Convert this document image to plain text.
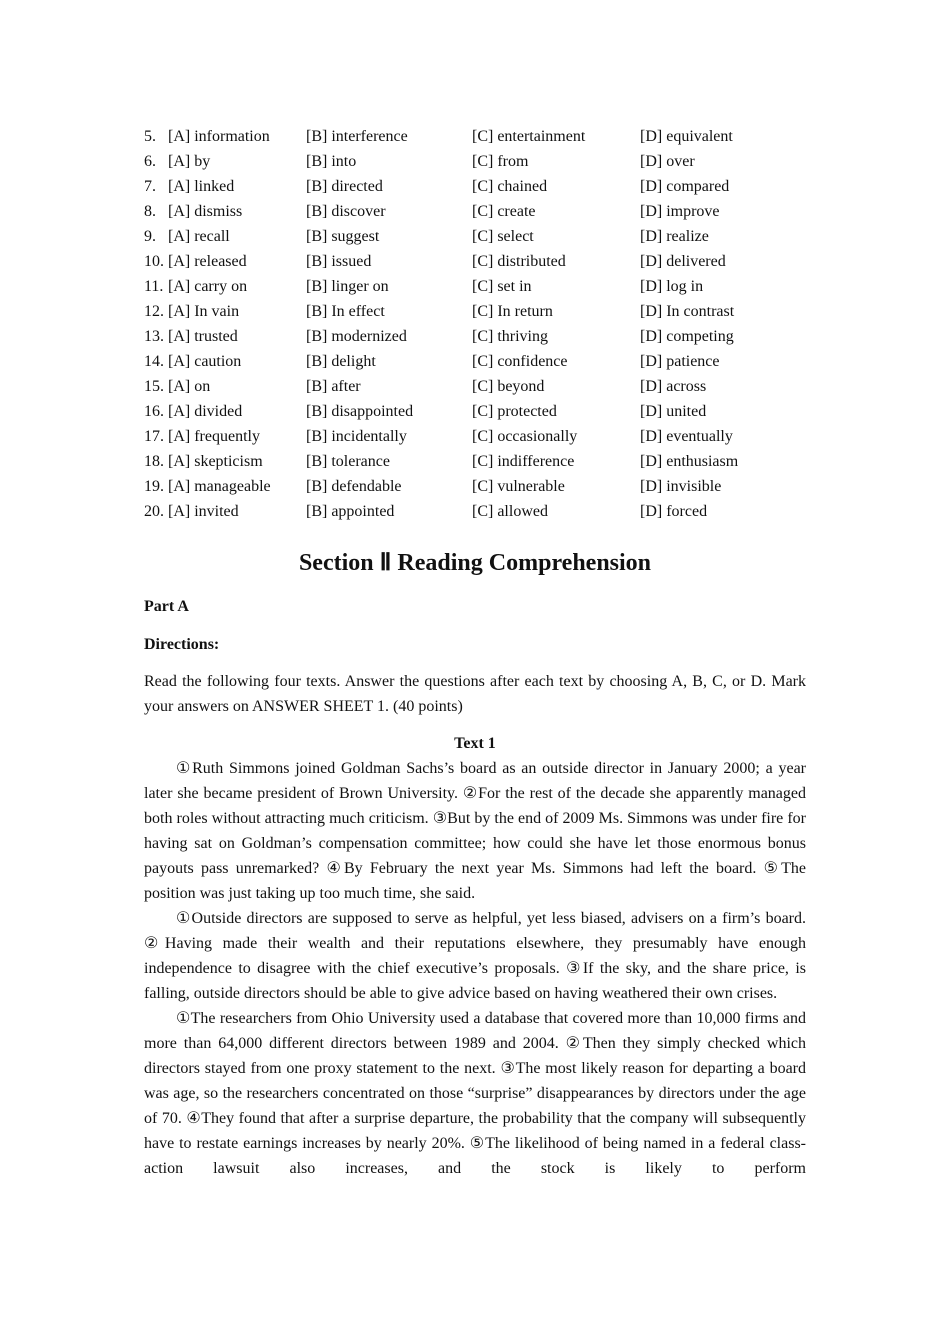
5. [A] information	[B] interference	[C] entertainment	[D] equivalent
6. [A] by	[B] into	[C] from	[D] over
7. [A] linked	[B] directed	[C] chained	[D] compared
8. [A] dismiss	[B] discover	[C] create	[D] improve
9. [A] recall	[B] suggest	[C] select	[D] realize
10. [A] released	[B] issued	[C] distributed	[D] delivered
11. [A] carry on	[B] linger on	[C] set in	[D] log in
12. [A] In vain	[B] In effect	[C] In return	[D] In contrast
13. [A] trusted	[B] modernized	[C] thriving	[D] competing
14. [A] caution	[B] delight	[C] confidence	[D] patience
15. [A] on	[B] after	[C] beyond	[D] across
16. [A] divided	[B] disappointed	[C] protected	[D] united
17. [A] frequently	[B] incidentally	[C] occasionally	[D] eventually
18. [A] skepticism	[B] tolerance	[C] indifference	[D] enthusiasm
19. [A] manageable	[B] defendable	[C] vulnerable	[D] invisible
20. [A] invited	[B] appointed	[C] allowed	[D] forced
Section Ⅱ Reading Comprehension
Part A
Directions:
Read the following four texts. Answer the questions after each text by choosing A, B, C, or D. Mark your answers on ANSWER SHEET 1. (40 points)
Text 1
①Ruth Simmons joined Goldman Sachs’s board as an outside director in January 2000; a year later she became president of Brown University. ②For the rest of the decade she apparently managed both roles without attracting much criticism. ③But by the end of 2009 Ms. Simmons was under fire for having sat on Goldman’s compensation committee; how could she have let those enormous bonus payouts pass unremarked? ④By February the next year Ms. Simmons had left the board. ⑤The position was just taking up too much time, she said.
①Outside directors are supposed to serve as helpful, yet less biased, advisers on a firm’s board. ②Having made their wealth and their reputations elsewhere, they presumably have enough independence to disagree with the chief executive’s proposals. ③If the sky, and the share price, is falling, outside directors should be able to give advice based on having weathered their own crises.
①The researchers from Ohio University used a database that covered more than 10,000 firms and more than 64,000 different directors between 1989 and 2004. ②Then they simply checked which directors stayed from one proxy statement to the next. ③The most likely reason for departing a board was age, so the researchers concentrated on those “surprise” disappearances by directors under the age of 70. ④They found that after a surprise departure, the probability that the company will subsequently have to restate earnings increases by nearly 20%. ⑤The likelihood of being named in a federal class-action lawsuit also increases, and the stock is likely to perform
